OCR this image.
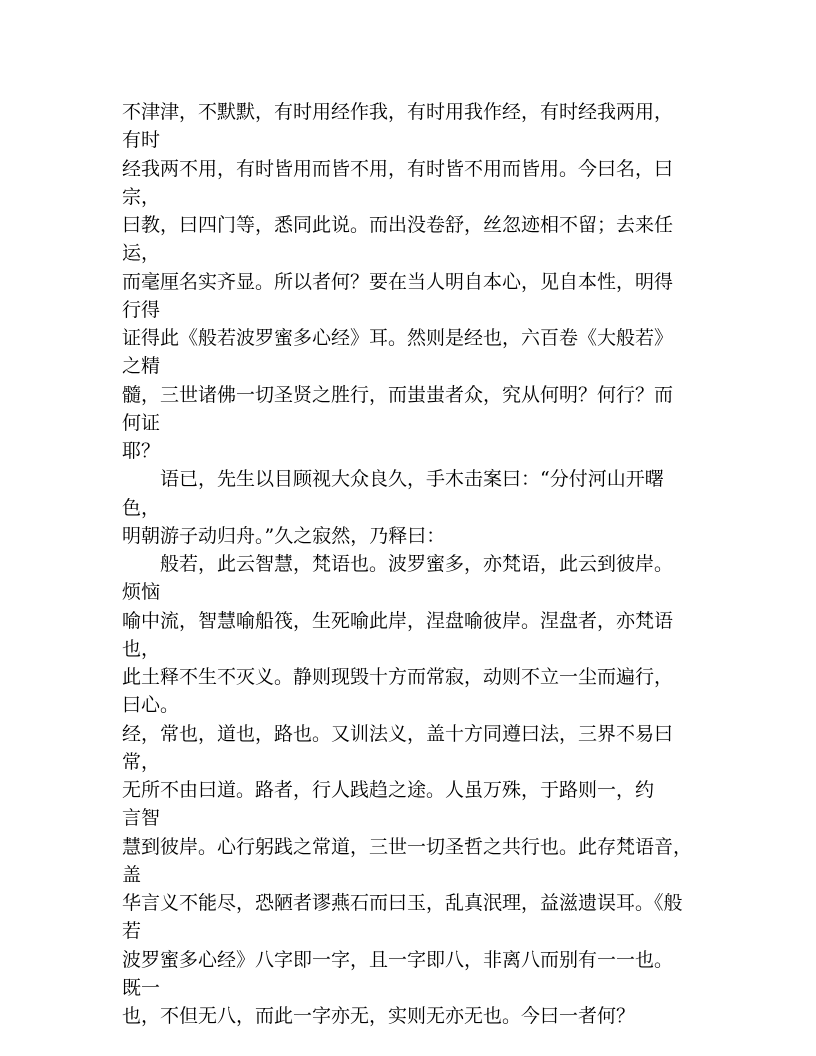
不津津，不默默，有时用经作我，有时用我作经，有时经我两用，

有时

经我两不用，有时皆用而皆不用，有时皆不用而皆用。今曰名，曰

宗，

曰教，曰四门等，悉同此说。而出没卷舒，丝忽迹相不留；去来任

运，

而毫厘名实齐显。所以者何？要在当人明自本心，见自本性，明得

行得

证得此《般若波罗蜜多心经》耳。然则是经也，六百卷《大般若》

之精

髓，三世诸佛一切圣贤之胜行，而蚩蚩者众，究从何明？何行？而

何证

耶？

　　语已，先生以目顾视大众良久，手木击案曰：“分付河山开曙

色，

明朝游子动归舟。”久之寂然，乃释曰：

　　般若，此云智慧，梵语也。波罗蜜多，亦梵语，此云到彼岸。

烦恼

喻中流，智慧喻船筏，生死喻此岸，涅盘喻彼岸。涅盘者，亦梵语

也，

此土释不生不灭义。静则现毁十方而常寂，动则不立一尘而遍行，

曰心。

经，常也，道也，路也。又训法义，盖十方同遵曰法，三界不易曰

常，

无所不由曰道。路者，行人践趋之途。人虽万殊，于路则一，约

言智

慧到彼岸。心行躬践之常道，三世一切圣哲之共行也。此存梵语音，

盖

华言义不能尽，恐陋者谬燕石而曰玉，乱真泯理，益滋遗误耳。《般

若

波罗蜜多心经》八字即一字，且一字即八，非离八而别有一一也。

既一

也，不但无八，而此一字亦无，实则无亦无也。今曰一者何？
